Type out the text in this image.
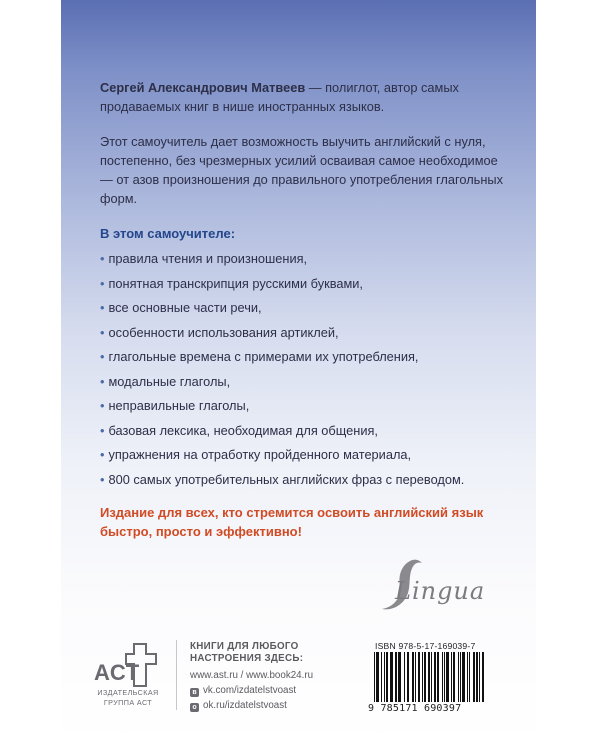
Сергей Александрович Матвеев — полиглот, автор самых продаваемых книг в нише иностранных языков.
Этот самоучитель дает возможность выучить английский с нуля, постепенно, без чрезмерных усилий осваивая самое необходимое — от азов произношения до правильного употребления глагольных форм.
В этом самоучителе:
• правила чтения и произношения,
• понятная транскрипция русскими буквами,
• все основные части речи,
• особенности использования артиклей,
• глагольные времена с примерами их употребления,
• модальные глаголы,
• неправильные глаголы,
• базовая лексика, необходимая для общения,
• упражнения на отработку пройденного материала,
• 800 самых употребительных английских фраз с переводом.
Издание для всех, кто стремится освоить английский язык быстро, просто и эффективно!
Lingua
ACT
ИЗДАТЕЛЬСКАЯ
ГРУППА АСТ
КНИГИ ДЛЯ ЛЮБОГО
НАСТРОЕНИЯ ЗДЕСЬ:
www.ast.ru / www.book24.ru
в vk.com/izdatelstvoast
о ok.ru/izdatelstvoast
ISBN 978-5-17-169039-7
9 785171 690397
